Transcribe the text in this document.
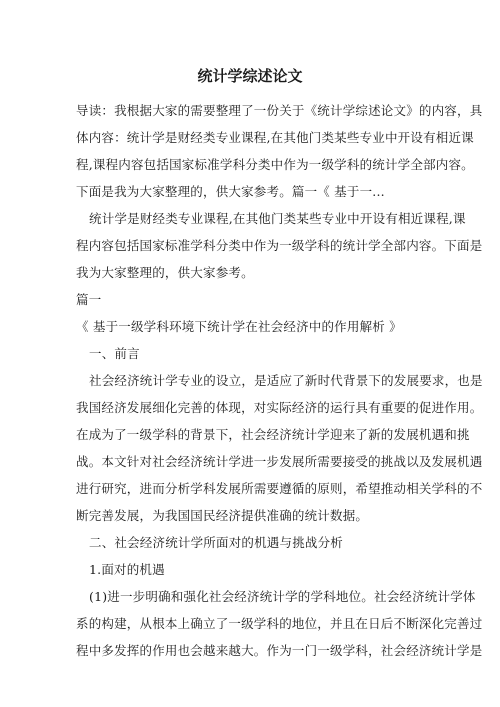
统计学综述论文
导读：我根据大家的需要整理了一份关于《统计学综述论文》的内容，具
体内容：统计学是财经类专业课程,在其他门类某些专业中开设有相近课
程,课程内容包括国家标准学科分类中作为一级学科的统计学全部内容。
下面是我为大家整理的，供大家参考。篇一《 基于一...
统计学是财经类专业课程,在其他门类某些专业中开设有相近课程,课
程内容包括国家标准学科分类中作为一级学科的统计学全部内容。下面是
我为大家整理的，供大家参考。
篇一
《 基于一级学科环境下统计学在社会经济中的作用解析 》
一、前言
社会经济统计学专业的设立，是适应了新时代背景下的发展要求，也是
我国经济发展细化完善的体现，对实际经济的运行具有重要的促进作用。
在成为了一级学科的背景下，社会经济统计学迎来了新的发展机遇和挑
战。本文针对社会经济统计学进一步发展所需要接受的挑战以及发展机遇
进行研究，进而分析学科发展所需要遵循的原则，希望推动相关学科的不
断完善发展，为我国国民经济提供准确的统计数据。
二、社会经济统计学所面对的机遇与挑战分析
1.面对的机遇
(1)进一步明确和强化社会经济统计学的学科地位。社会经济统计学体
系的构建，从根本上确立了一级学科的地位，并且在日后不断深化完善过
程中多发挥的作用也会越来越大。作为一门一级学科，社会经济统计学是
